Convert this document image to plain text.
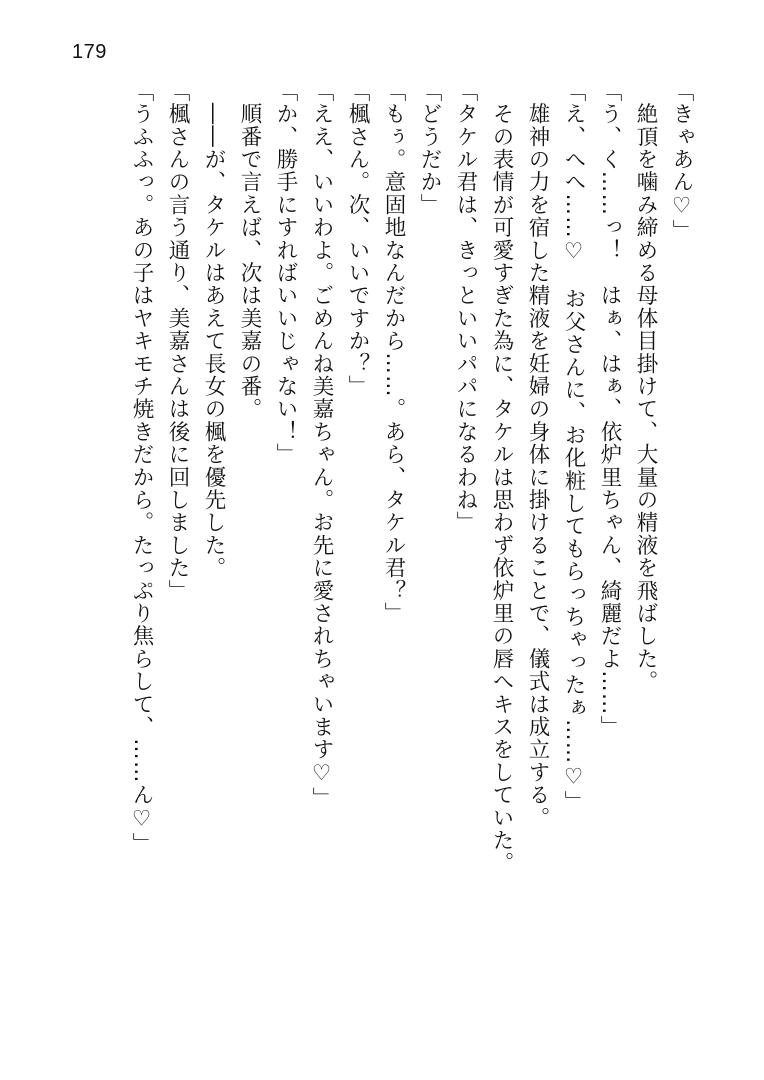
179
「きゃあん♡」
　絶頂を噛み締める母体目掛けて、大量の精液を飛ばした。
「う、く……っ！　はぁ、はぁ、依炉里ちゃん、綺麗だよ……」
「え、へへ……♡　お父さんに、お化粧してもらっちゃったぁ……♡」
　雄神の力を宿した精液を妊婦の身体に掛けることで、儀式は成立する。
　その表情が可愛すぎた為に、タケルは思わず依炉里の唇へキスをしていた。
「タケル君は、きっといいパパになるわね」
「どうだか」
「もぅ。意固地なんだから……。あら、タケル君？」
「楓さん。次、いいですか？」
「ええ、いいわよ。ごめんね美嘉ちゃん。お先に愛されちゃいます♡」
「か、勝手にすればいいじゃない！」
　順番で言えば、次は美嘉の番。
　――が、タケルはあえて長女の楓を優先した。
「楓さんの言う通り、美嘉さんは後に回しました」
「うふふっ。あの子はヤキモチ焼きだから。たっぷり焦らして、……ん♡」
